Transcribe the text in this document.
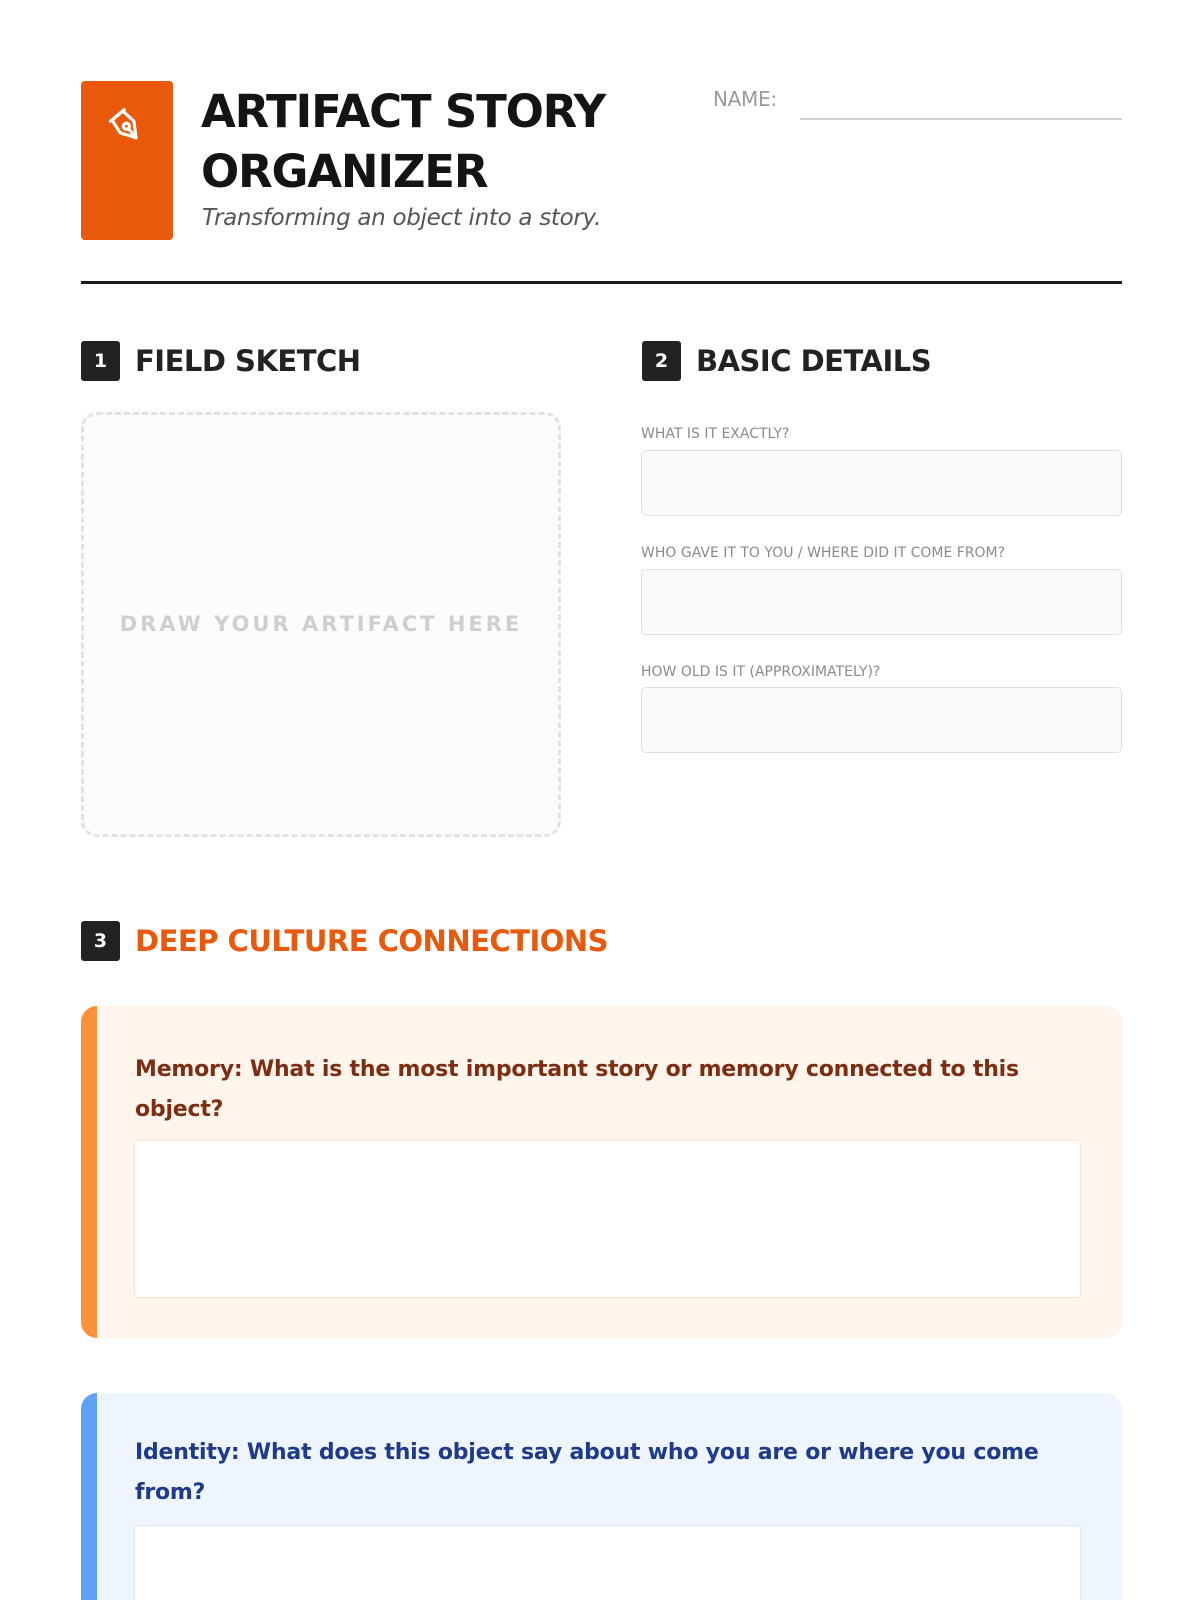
ARTIFACT STORY
ORGANIZER
Transforming an object into a story.
NAME:
1 FIELD SKETCH
DRAW YOUR ARTIFACT HERE
2 BASIC DETAILS
WHAT IS IT EXACTLY?
WHO GAVE IT TO YOU / WHERE DID IT COME FROM?
HOW OLD IS IT (APPROXIMATELY)?
3 DEEP CULTURE CONNECTIONS
Memory: What is the most important story or memory connected to this object?
Identity: What does this object say about who you are or where you come from?
